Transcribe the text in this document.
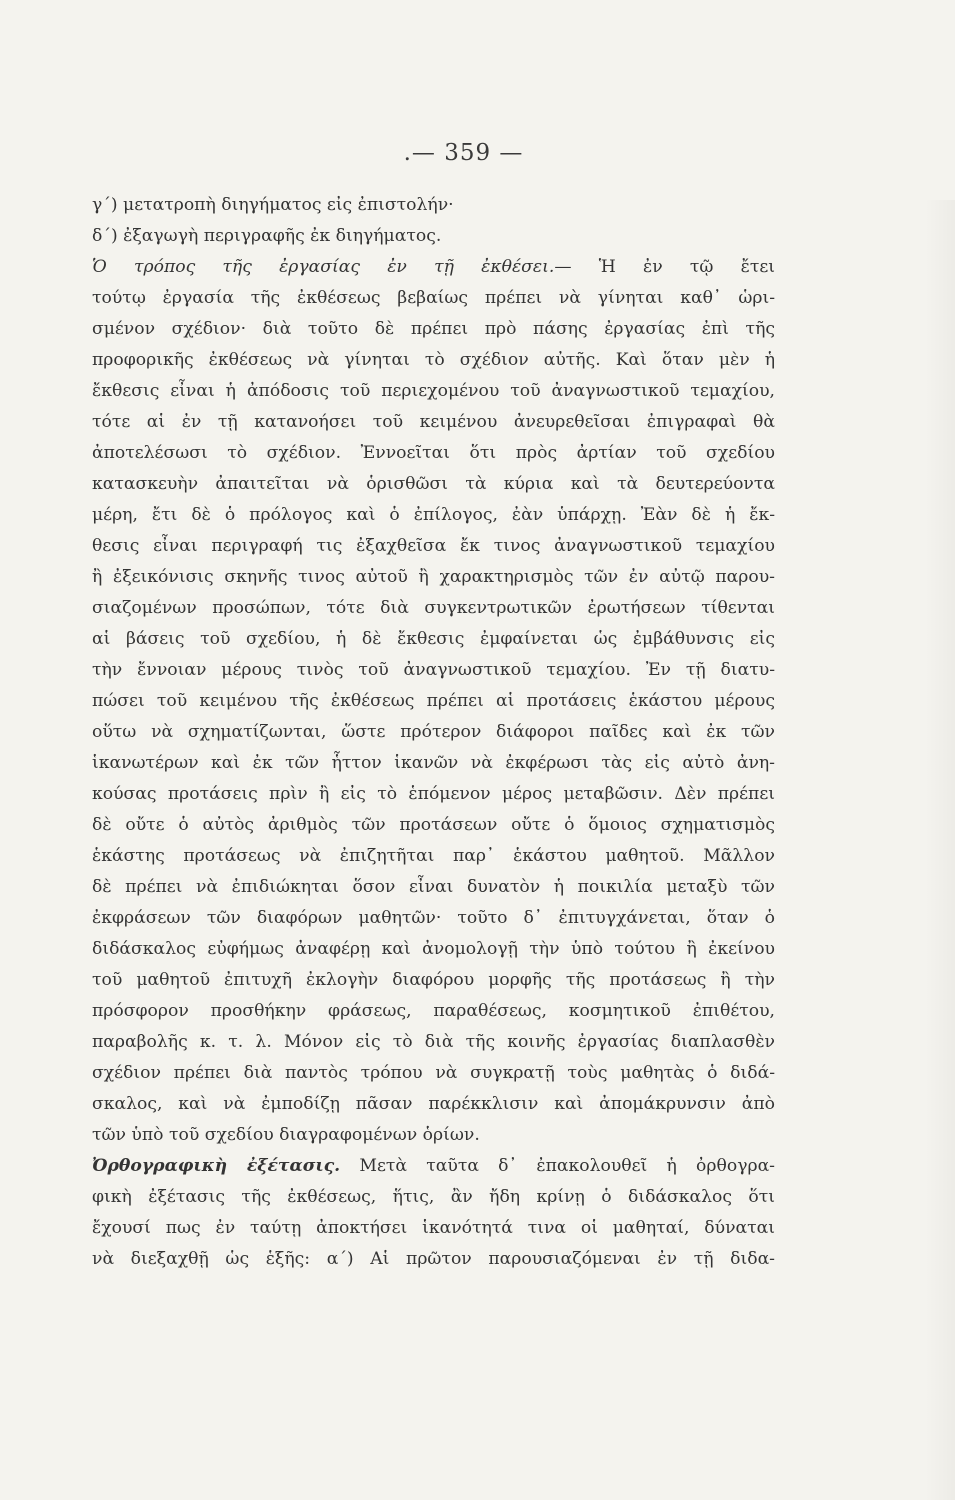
.— 359 —
γ΄) μετατροπὴ διηγήματος εἰς ἐπιστολήν·
δ΄) ἐξαγωγὴ περιγραφῆς ἐκ διηγήματος.
Ὁ τρόπος τῆς ἐργασίας ἐν τῇ ἐκθέσει.— Ἡ ἐν τῷ ἔτει
τούτῳ ἐργασία τῆς ἐκθέσεως βεβαίως πρέπει νὰ γίνηται καθ᾽ ὡρι-
σμένον σχέδιον· διὰ τοῦτο δὲ πρέπει πρὸ πάσης ἐργασίας ἐπὶ τῆς
προφορικῆς ἐκθέσεως νὰ γίνηται τὸ σχέδιον αὐτῆς. Καὶ ὅταν μὲν ἡ
ἔκθεσις εἶναι ἡ ἀπόδοσις τοῦ περιεχομένου τοῦ ἀναγνωστικοῦ τεμαχίου,
τότε αἱ ἐν τῇ κατανοήσει τοῦ κειμένου ἀνευρεθεῖσαι ἐπιγραφαὶ θὰ
ἀποτελέσωσι τὸ σχέδιον. Ἐννοεῖται ὅτι πρὸς ἀρτίαν τοῦ σχεδίου
κατασκευὴν ἀπαιτεῖται νὰ ὁρισθῶσι τὰ κύρια καὶ τὰ δευτερεύοντα
μέρη, ἔτι δὲ ὁ πρόλογος καὶ ὁ ἐπίλογος, ἐὰν ὑπάρχῃ. Ἐὰν δὲ ἡ ἔκ-
θεσις εἶναι περιγραφή τις ἐξαχθεῖσα ἔκ τινος ἀναγνωστικοῦ τεμαχίου
ἢ ἐξεικόνισις σκηνῆς τινος αὐτοῦ ἢ χαρακτηρισμὸς τῶν ἐν αὐτῷ παρου-
σιαζομένων προσώπων, τότε διὰ συγκεντρωτικῶν ἐρωτήσεων τίθενται
αἱ βάσεις τοῦ σχεδίου, ἡ δὲ ἔκθεσις ἐμφαίνεται ὡς ἐμβάθυνσις εἰς
τὴν ἔννοιαν μέρους τινὸς τοῦ ἀναγνωστικοῦ τεμαχίου. Ἐν τῇ διατυ-
πώσει τοῦ κειμένου τῆς ἐκθέσεως πρέπει αἱ προτάσεις ἑκάστου μέρους
οὕτω νὰ σχηματίζωνται, ὥστε πρότερον διάφοροι παῖδες καὶ ἐκ τῶν
ἱκανωτέρων καὶ ἐκ τῶν ἧττον ἱκανῶν νὰ ἐκφέρωσι τὰς εἰς αὐτὸ ἀνη-
κούσας προτάσεις πρὶν ἢ εἰς τὸ ἑπόμενον μέρος μεταβῶσιν. Δὲν πρέπει
δὲ οὔτε ὁ αὐτὸς ἀριθμὸς τῶν προτάσεων οὔτε ὁ ὅμοιος σχηματισμὸς
ἑκάστης προτάσεως νὰ ἐπιζητῆται παρ᾽ ἑκάστου μαθητοῦ. Μᾶλλον
δὲ πρέπει νὰ ἐπιδιώκηται ὅσον εἶναι δυνατὸν ἡ ποικιλία μεταξὺ τῶν
ἐκφράσεων τῶν διαφόρων μαθητῶν· τοῦτο δ᾽ ἐπιτυγχάνεται, ὅταν ὁ
διδάσκαλος εὐφήμως ἀναφέρῃ καὶ ἀνομολογῇ τὴν ὑπὸ τούτου ἢ ἐκείνου
τοῦ μαθητοῦ ἐπιτυχῆ ἐκλογὴν διαφόρου μορφῆς τῆς προτάσεως ἢ τὴν
πρόσφορον προσθήκην φράσεως, παραθέσεως, κοσμητικοῦ ἐπιθέτου,
παραβολῆς κ. τ. λ. Μόνον εἰς τὸ διὰ τῆς κοινῆς ἐργασίας διαπλασθὲν
σχέδιον πρέπει διὰ παντὸς τρόπου νὰ συγκρατῇ τοὺς μαθητὰς ὁ διδά-
σκαλος, καὶ νὰ ἐμποδίζῃ πᾶσαν παρέκκλισιν καὶ ἀπομάκρυνσιν ἀπὸ
τῶν ὑπὸ τοῦ σχεδίου διαγραφομένων ὁρίων.
Ὀρθογραφικὴ ἐξέτασις. Μετὰ ταῦτα δ᾽ ἐπακολουθεῖ ἡ ὀρθογρα-
φικὴ ἐξέτασις τῆς ἐκθέσεως, ἥτις, ἂν ἤδη κρίνῃ ὁ διδάσκαλος ὅτι
ἔχουσί πως ἐν ταύτῃ ἀποκτήσει ἱκανότητά τινα οἱ μαθηταί, δύναται
νὰ διεξαχθῇ ὡς ἑξῆς: α΄) Αἱ πρῶτον παρουσιαζόμεναι ἐν τῇ διδα-
